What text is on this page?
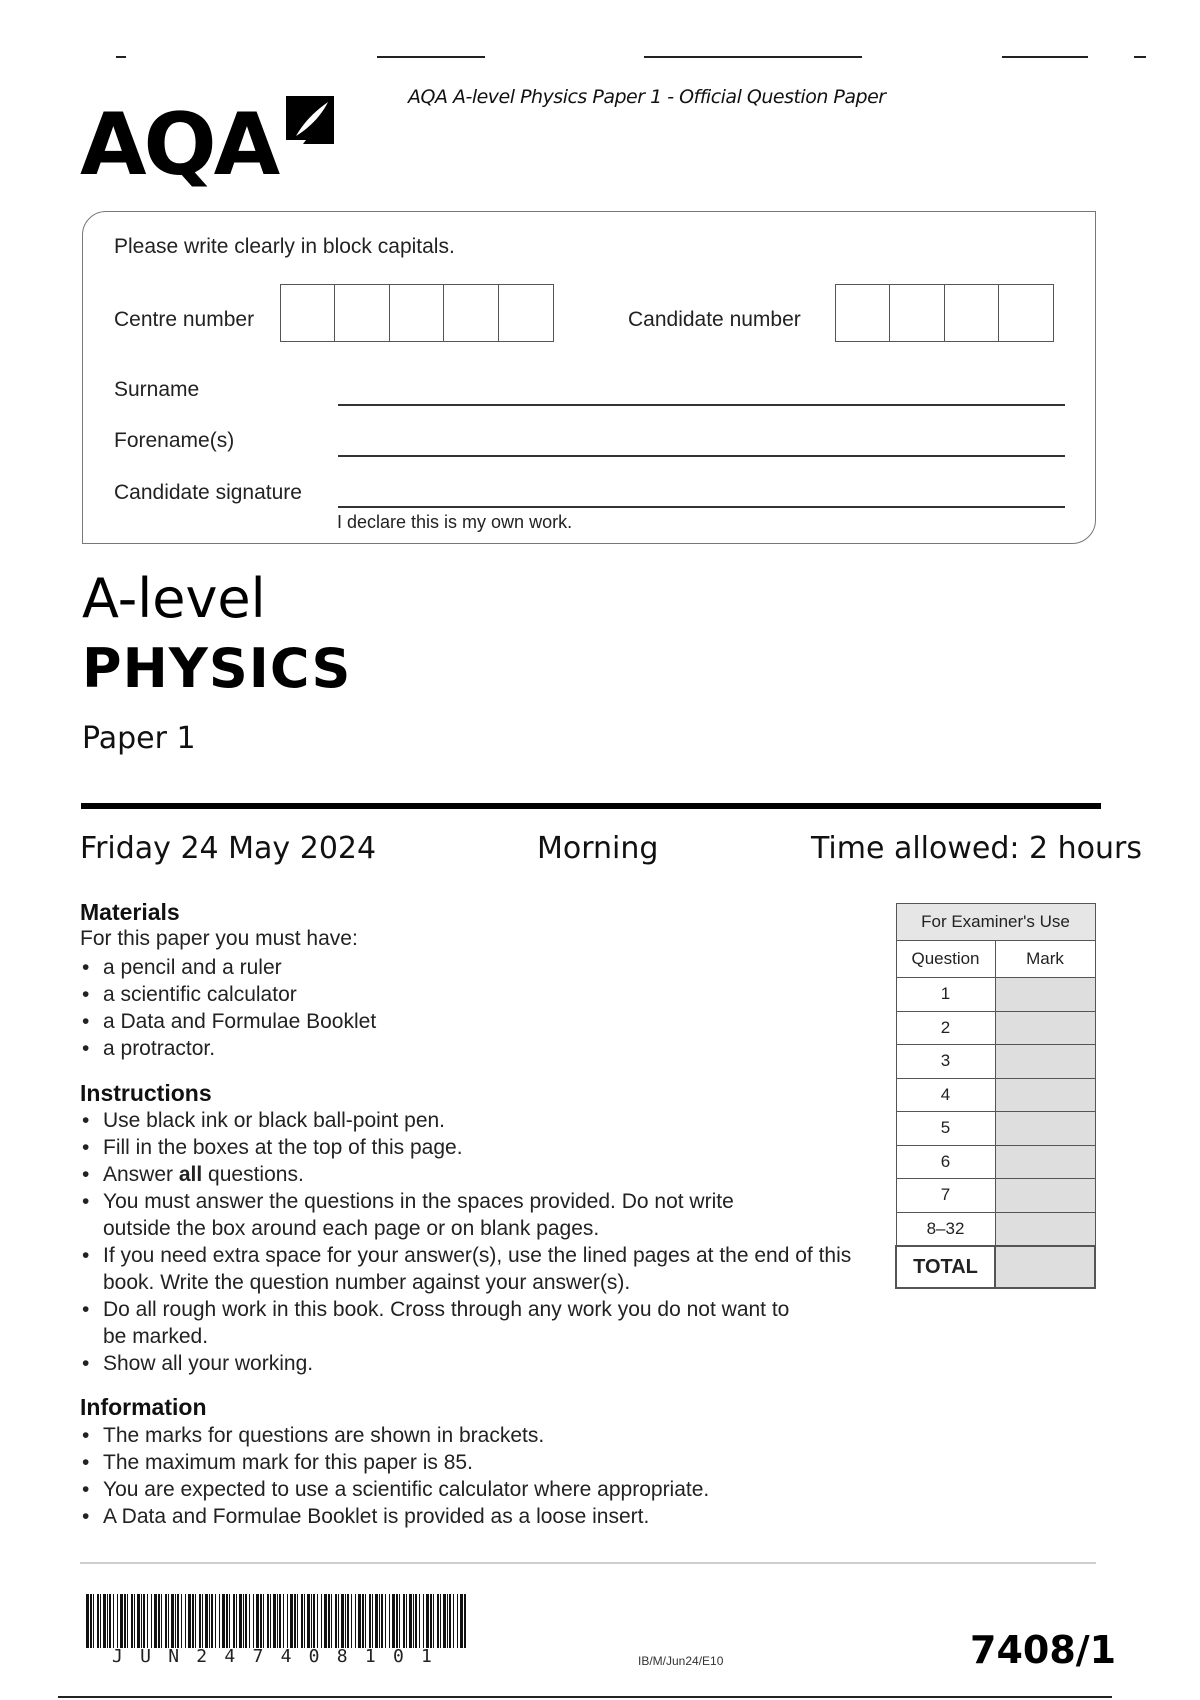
AQA	AQA A-level Physics Paper 1 - Official Question Paper
Please write clearly in block capitals.
Centre number	Candidate number
Surname
Forename(s)
Candidate signature
I declare this is my own work.
A-level
PHYSICS
Paper 1
Friday 24 May 2024	Morning	Time allowed: 2 hours
Materials
For this paper you must have:
• a pencil and a ruler
• a scientific calculator
• a Data and Formulae Booklet
• a protractor.
Instructions
• Use black ink or black ball-point pen.
• Fill in the boxes at the top of this page.
• Answer all questions.
• You must answer the questions in the spaces provided. Do not write outside the box around each page or on blank pages.
• If you need extra space for your answer(s), use the lined pages at the end of this book. Write the question number against your answer(s).
• Do all rough work in this book. Cross through any work you do not want to be marked.
• Show all your working.
Information
• The marks for questions are shown in brackets.
• The maximum mark for this paper is 85.
• You are expected to use a scientific calculator where appropriate.
• A Data and Formulae Booklet is provided as a loose insert.
For Examiner's Use	
Question	Mark
1	
2	
3	
4	
5	
6	
7	
8–32	
TOTAL	
J U N 2 4 7 4 0 8 1 0 1	IB/M/Jun24/E10	7408/1
